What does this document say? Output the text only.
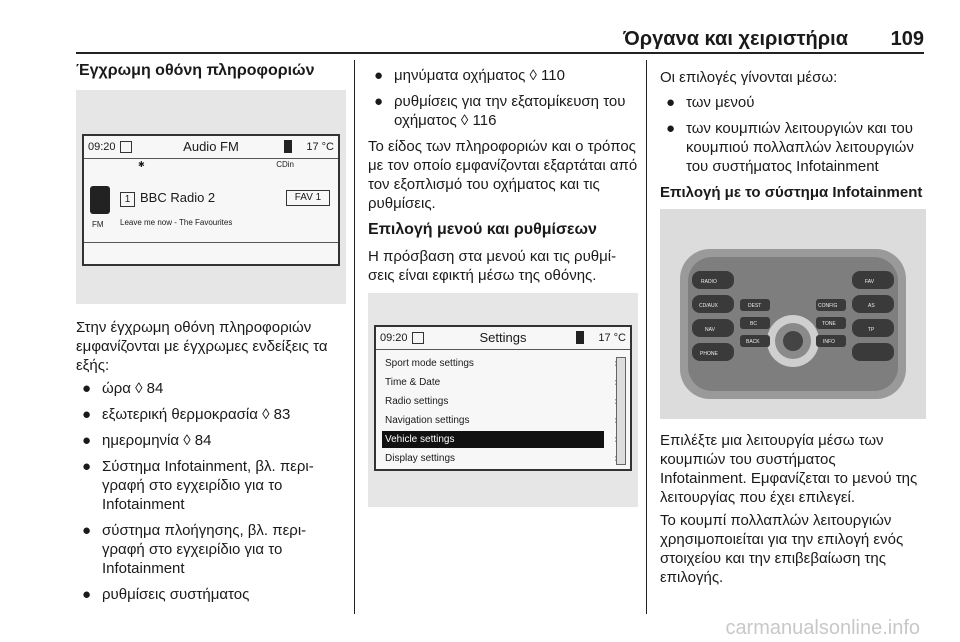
Όργανα και χειριστήρια 109
Έγχρωμη οθόνη πληροφοριών
09:20	Audio FM	17 °C
✱	CDin
FM
1 BBC Radio 2	FAV 1
Leave me now - The Favourites

Στην έγχρωμη οθόνη πληροφοριών εμφανίζονται με έγχρωμες ενδείξεις τα εξής:

● ώρα ◊ 84
● εξωτερική θερμοκρασία ◊ 83
● ημερομηνία ◊ 84
● Σύστημα Infotainment, βλ. περι- γραφή στο εγχειρίδιο για το Infotainment
● σύστημα πλοήγησης, βλ. περι- γραφή στο εγχειρίδιο για το Infotainment
● ρυθμίσεις συστήματος
● μηνύματα οχήματος ◊ 110
● ρυθμίσεις για την εξατομίκευση του οχήματος ◊ 116

Το είδος των πληροφοριών και ο τρόπος με τον οποίο εμφανίζονται εξαρτάται από τον εξοπλισμό του οχήματος και τις ρυθμίσεις.

Επιλογή μενού και ρυθμίσεων

Η πρόσβαση στα μενού και τις ρυθμί- σεις είναι εφικτή μέσω της οθόνης.

09:20	Settings	17 °C
Sport mode settings
Time & Date
Radio settings
Navigation settings
Vehicle settings
Display settings

Οι επιλογές γίνονται μέσω:

● των μενού
● των κουμπιών λειτουργιών και του κουμπιού πολλαπλών λειτουργιών του συστήματος Infotainment
Επιλογή με το σύστημα Infotainment
RADIO
CD/AUX
NAV
PHONE
DEST
BC
BACK
CONFIG
TONE
INFO
FAV
AS
TP

Επιλέξτε μια λειτουργία μέσω των κουμπιών του συστήματος Infotainment. Εμφανίζεται το μενού της λειτουργίας που έχει επιλεγεί.

Το κουμπί πολλαπλών λειτουργιών χρησιμοποιείται για την επιλογή ενός στοιχείου και την επιβεβαίωση της επιλογής.

carmanualsonline.info
